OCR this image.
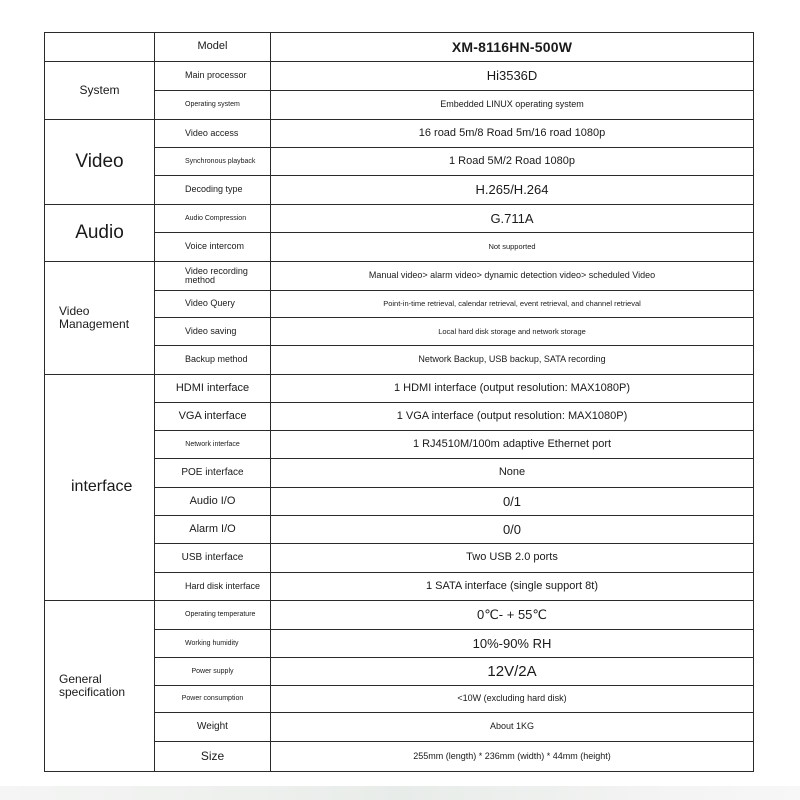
	Model	XM-8116HN-500W
System	Main processor	Hi3536D
	Operating system	Embedded LINUX operating system
Video	Video access	16 road 5m/8 Road 5m/16 road 1080p
	Synchronous playback	1 Road 5M/2 Road 1080p
	Decoding type	H.265/H.264
Audio	Audio Compression	G.711A
	Voice intercom	Not supported
Video Management	Video recording method	Manual video> alarm video> dynamic detection video> scheduled Video
	Video Query	Point-in-time retrieval, calendar retrieval, event retrieval, and channel retrieval
	Video saving	Local hard disk storage and network storage
	Backup method	Network Backup, USB backup, SATA recording
interface	HDMI interface	1 HDMI interface (output resolution: MAX1080P)
	VGA interface	1 VGA interface (output resolution: MAX1080P)
	Network interface	1 RJ4510M/100m adaptive Ethernet port
	POE interface	None
	Audio I/O	0/1
	Alarm I/O	0/0
	USB interface	Two USB 2.0 ports
	Hard disk interface	1 SATA interface (single support 8t)
General specification	Operating temperature	0℃- + 55℃
	Working humidity	10%-90% RH
	Power supply	12V/2A
	Power consumption	<10W (excluding hard disk)
	Weight	About 1KG
	Size	255mm (length) * 236mm (width) * 44mm (height)
